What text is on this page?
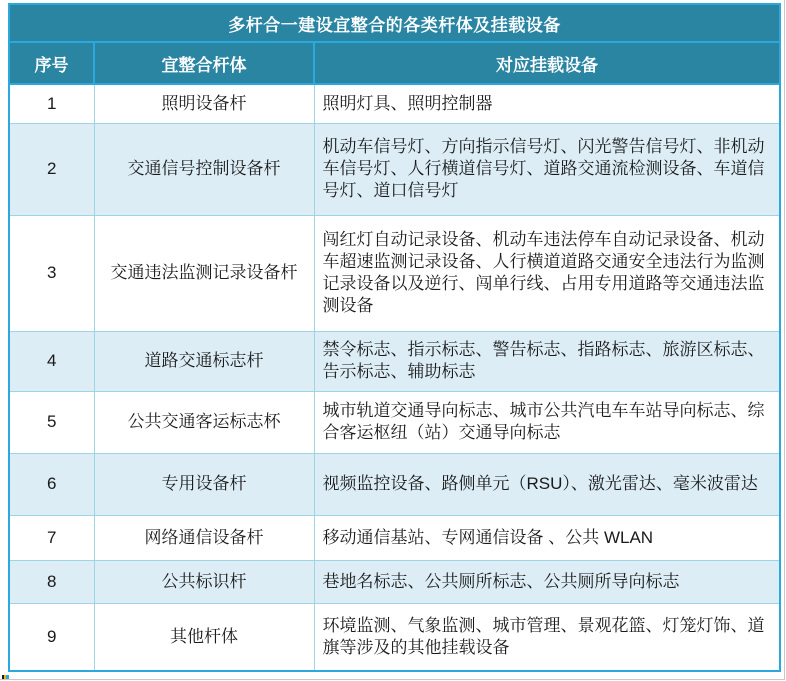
多杆合一建设宜整合的各类杆体及挂载设备		
序号	宜整合杆体	对应挂载设备
1	照明设备杆	照明灯具、照明控制器
2	交通信号控制设备杆	机动车信号灯、方向指示信号灯、闪光警告信号灯、非机动车信号灯、人行横道信号灯、道路交通流检测设备、车道信号灯、道口信号灯
3	交通违法监测记录设备杆	闯红灯自动记录设备、机动车违法停车自动记录设备、机动车超速监测记录设备、人行横道道路交通安全违法行为监测记录设备以及逆行、闯单行线、占用专用道路等交通违法监测设备
4	道路交通标志杆	禁令标志、指示标志、警告标志、指路标志、旅游区标志、告示标志、辅助标志
5	公共交通客运标志杯	城市轨道交通导向标志、城市公共汽电车车站导向标志、综合客运枢纽（站）交通导向标志
6	专用设备杆	视频监控设备、路侧单元（RSU）、激光雷达、毫米波雷达
7	网络通信设备杆	移动通信基站、专网通信设备 、公共 WLAN
8	公共标识杆	巷地名标志、公共厕所标志、公共厕所导向标志
9	其他杆体	环境监测、气象监测、城市管理、景观花篮、灯笼灯饰、道旗等涉及的其他挂载设备
